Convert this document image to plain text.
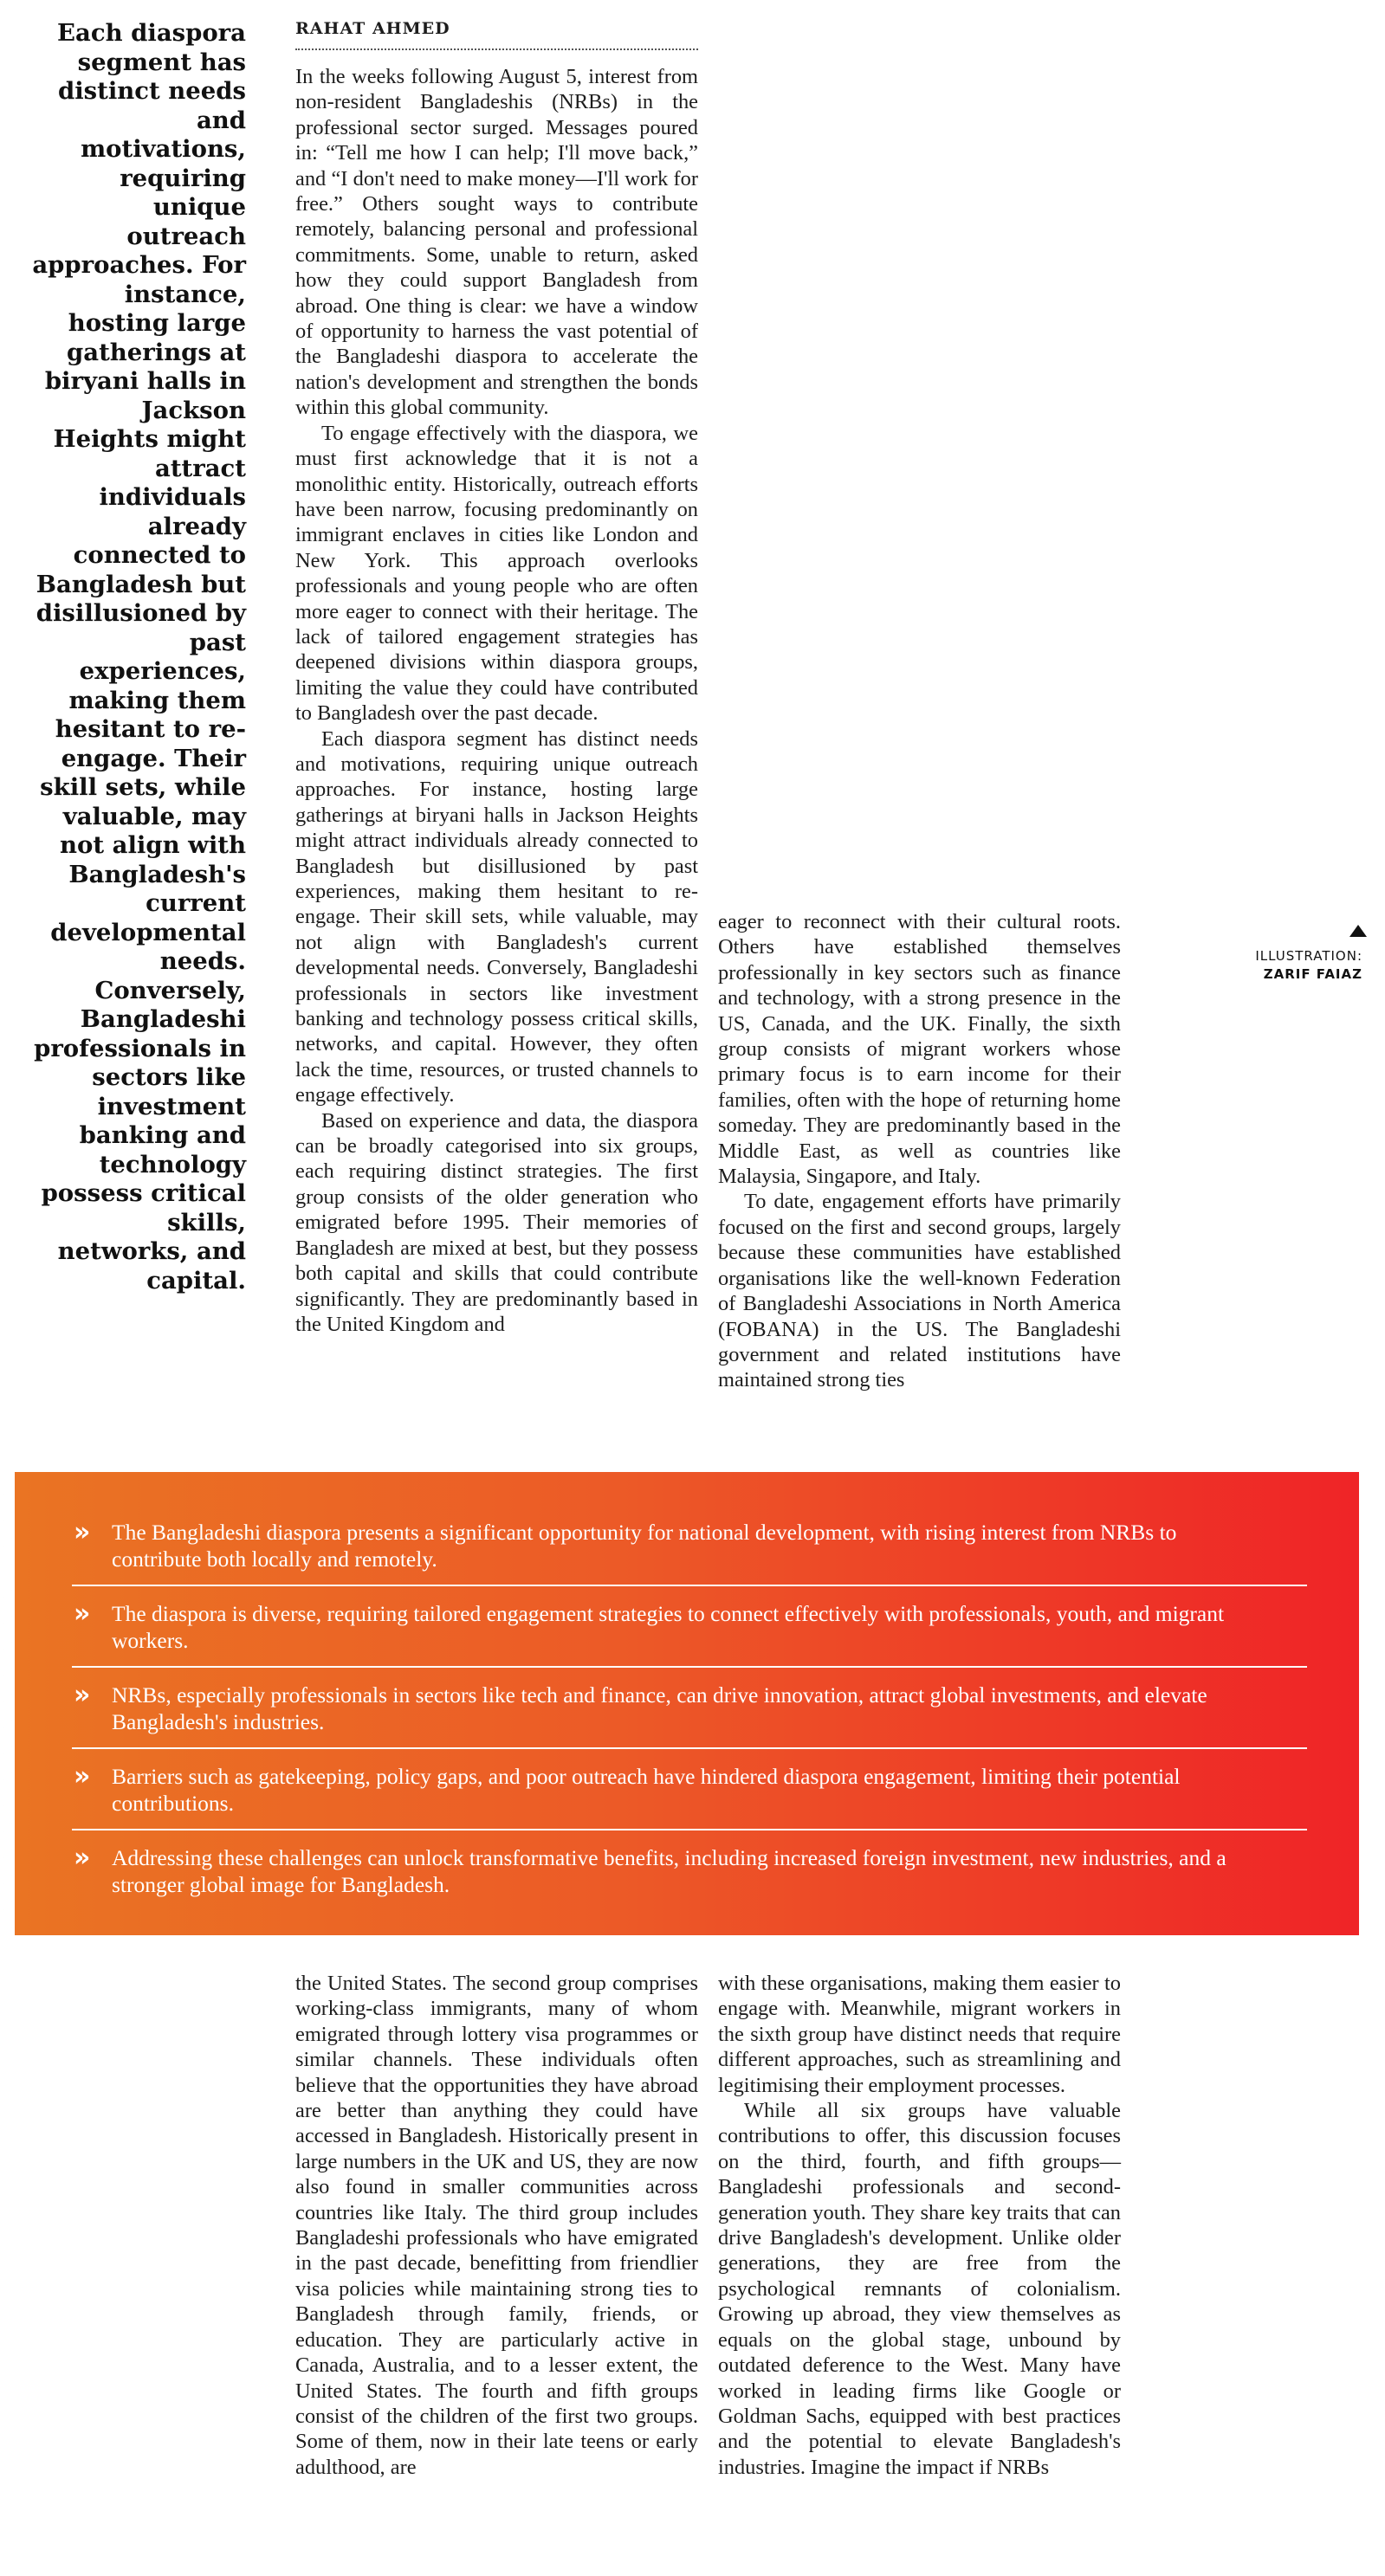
Each diaspora segment has distinct needs and motivations, requiring unique outreach approaches. For instance, hosting large gatherings at biryani halls in Jackson Heights might attract individuals already connected to Bangladesh but disillusioned by past experiences, making them hesitant to re-engage. Their skill sets, while valuable, may not align with Bangladesh's current developmental needs. Conversely, Bangladeshi professionals in sectors like investment banking and technology possess critical skills, networks, and capital.
RAHAT AHMED

In the weeks following August 5, interest from non-resident Bangladeshis (NRBs) in the professional sector surged. Messages poured in: “Tell me how I can help; I'll move back,” and “I don't need to make money—I'll work for free.” Others sought ways to contribute remotely, balancing personal and professional commitments. Some, unable to return, asked how they could support Bangladesh from abroad. One thing is clear: we have a window of opportunity to harness the vast potential of the Bangladeshi diaspora to accelerate the nation's development and strengthen the bonds within this global community.

To engage effectively with the diaspora, we must first acknowledge that it is not a monolithic entity. Historically, outreach efforts have been narrow, focusing predominantly on immigrant enclaves in cities like London and New York. This approach overlooks professionals and young people who are often more eager to connect with their heritage. The lack of tailored engagement strategies has deepened divisions within diaspora groups, limiting the value they could have contributed to Bangladesh over the past decade.

Each diaspora segment has distinct needs and motivations, requiring unique outreach approaches. For instance, hosting large gatherings at biryani halls in Jackson Heights might attract individuals already connected to Bangladesh but disillusioned by past experiences, making them hesitant to re-engage. Their skill sets, while valuable, may not align with Bangladesh's current developmental needs. Conversely, Bangladeshi professionals in sectors like investment banking and technology possess critical skills, networks, and capital. However, they often lack the time, resources, or trusted channels to engage effectively.

Based on experience and data, the diaspora can be broadly categorised into six groups, each requiring distinct strategies. The first group consists of the older generation who emigrated before 1995. Their memories of Bangladesh are mixed at best, but they possess both capital and skills that could contribute significantly. They are predominantly based in the United Kingdom and

eager to reconnect with their cultural roots. Others have established themselves professionally in key sectors such as finance and technology, with a strong presence in the US, Canada, and the UK. Finally, the sixth group consists of migrant workers whose primary focus is to earn income for their families, often with the hope of returning home someday. They are predominantly based in the Middle East, as well as countries like Malaysia, Singapore, and Italy.

To date, engagement efforts have primarily focused on the first and second groups, largely because these communities have established organisations like the well-known Federation of Bangladeshi Associations in North America (FOBANA) in the US. The Bangladeshi government and related institutions have maintained strong ties

ILLUSTRATION:
ZARIF FAIAZ
» The Bangladeshi diaspora presents a significant opportunity for national development, with rising interest from NRBs to contribute both locally and remotely.
» The diaspora is diverse, requiring tailored engagement strategies to connect effectively with professionals, youth, and migrant workers.
» NRBs, especially professionals in sectors like tech and finance, can drive innovation, attract global investments, and elevate Bangladesh's industries.
» Barriers such as gatekeeping, policy gaps, and poor outreach have hindered diaspora engagement, limiting their potential contributions.
» Addressing these challenges can unlock transformative benefits, including increased foreign investment, new industries, and a stronger global image for Bangladesh.

the United States. The second group comprises working-class immigrants, many of whom emigrated through lottery visa programmes or similar channels. These individuals often believe that the opportunities they have abroad are better than anything they could have accessed in Bangladesh. Historically present in large numbers in the UK and US, they are now also found in smaller communities across countries like Italy. The third group includes Bangladeshi professionals who have emigrated in the past decade, benefitting from friendlier visa policies while maintaining strong ties to Bangladesh through family, friends, or education. They are particularly active in Canada, Australia, and to a lesser extent, the United States. The fourth and fifth groups consist of the children of the first two groups. Some of them, now in their late teens or early adulthood, are

with these organisations, making them easier to engage with. Meanwhile, migrant workers in the sixth group have distinct needs that require different approaches, such as streamlining and legitimising their employment processes.

While all six groups have valuable contributions to offer, this discussion focuses on the third, fourth, and fifth groups—Bangladeshi professionals and second-generation youth. They share key traits that can drive Bangladesh's development. Unlike older generations, they are free from the psychological remnants of colonialism. Growing up abroad, they view themselves as equals on the global stage, unbound by outdated deference to the West. Many have worked in leading firms like Google or Goldman Sachs, equipped with best practices and the potential to elevate Bangladesh's industries. Imagine the impact if NRBs
